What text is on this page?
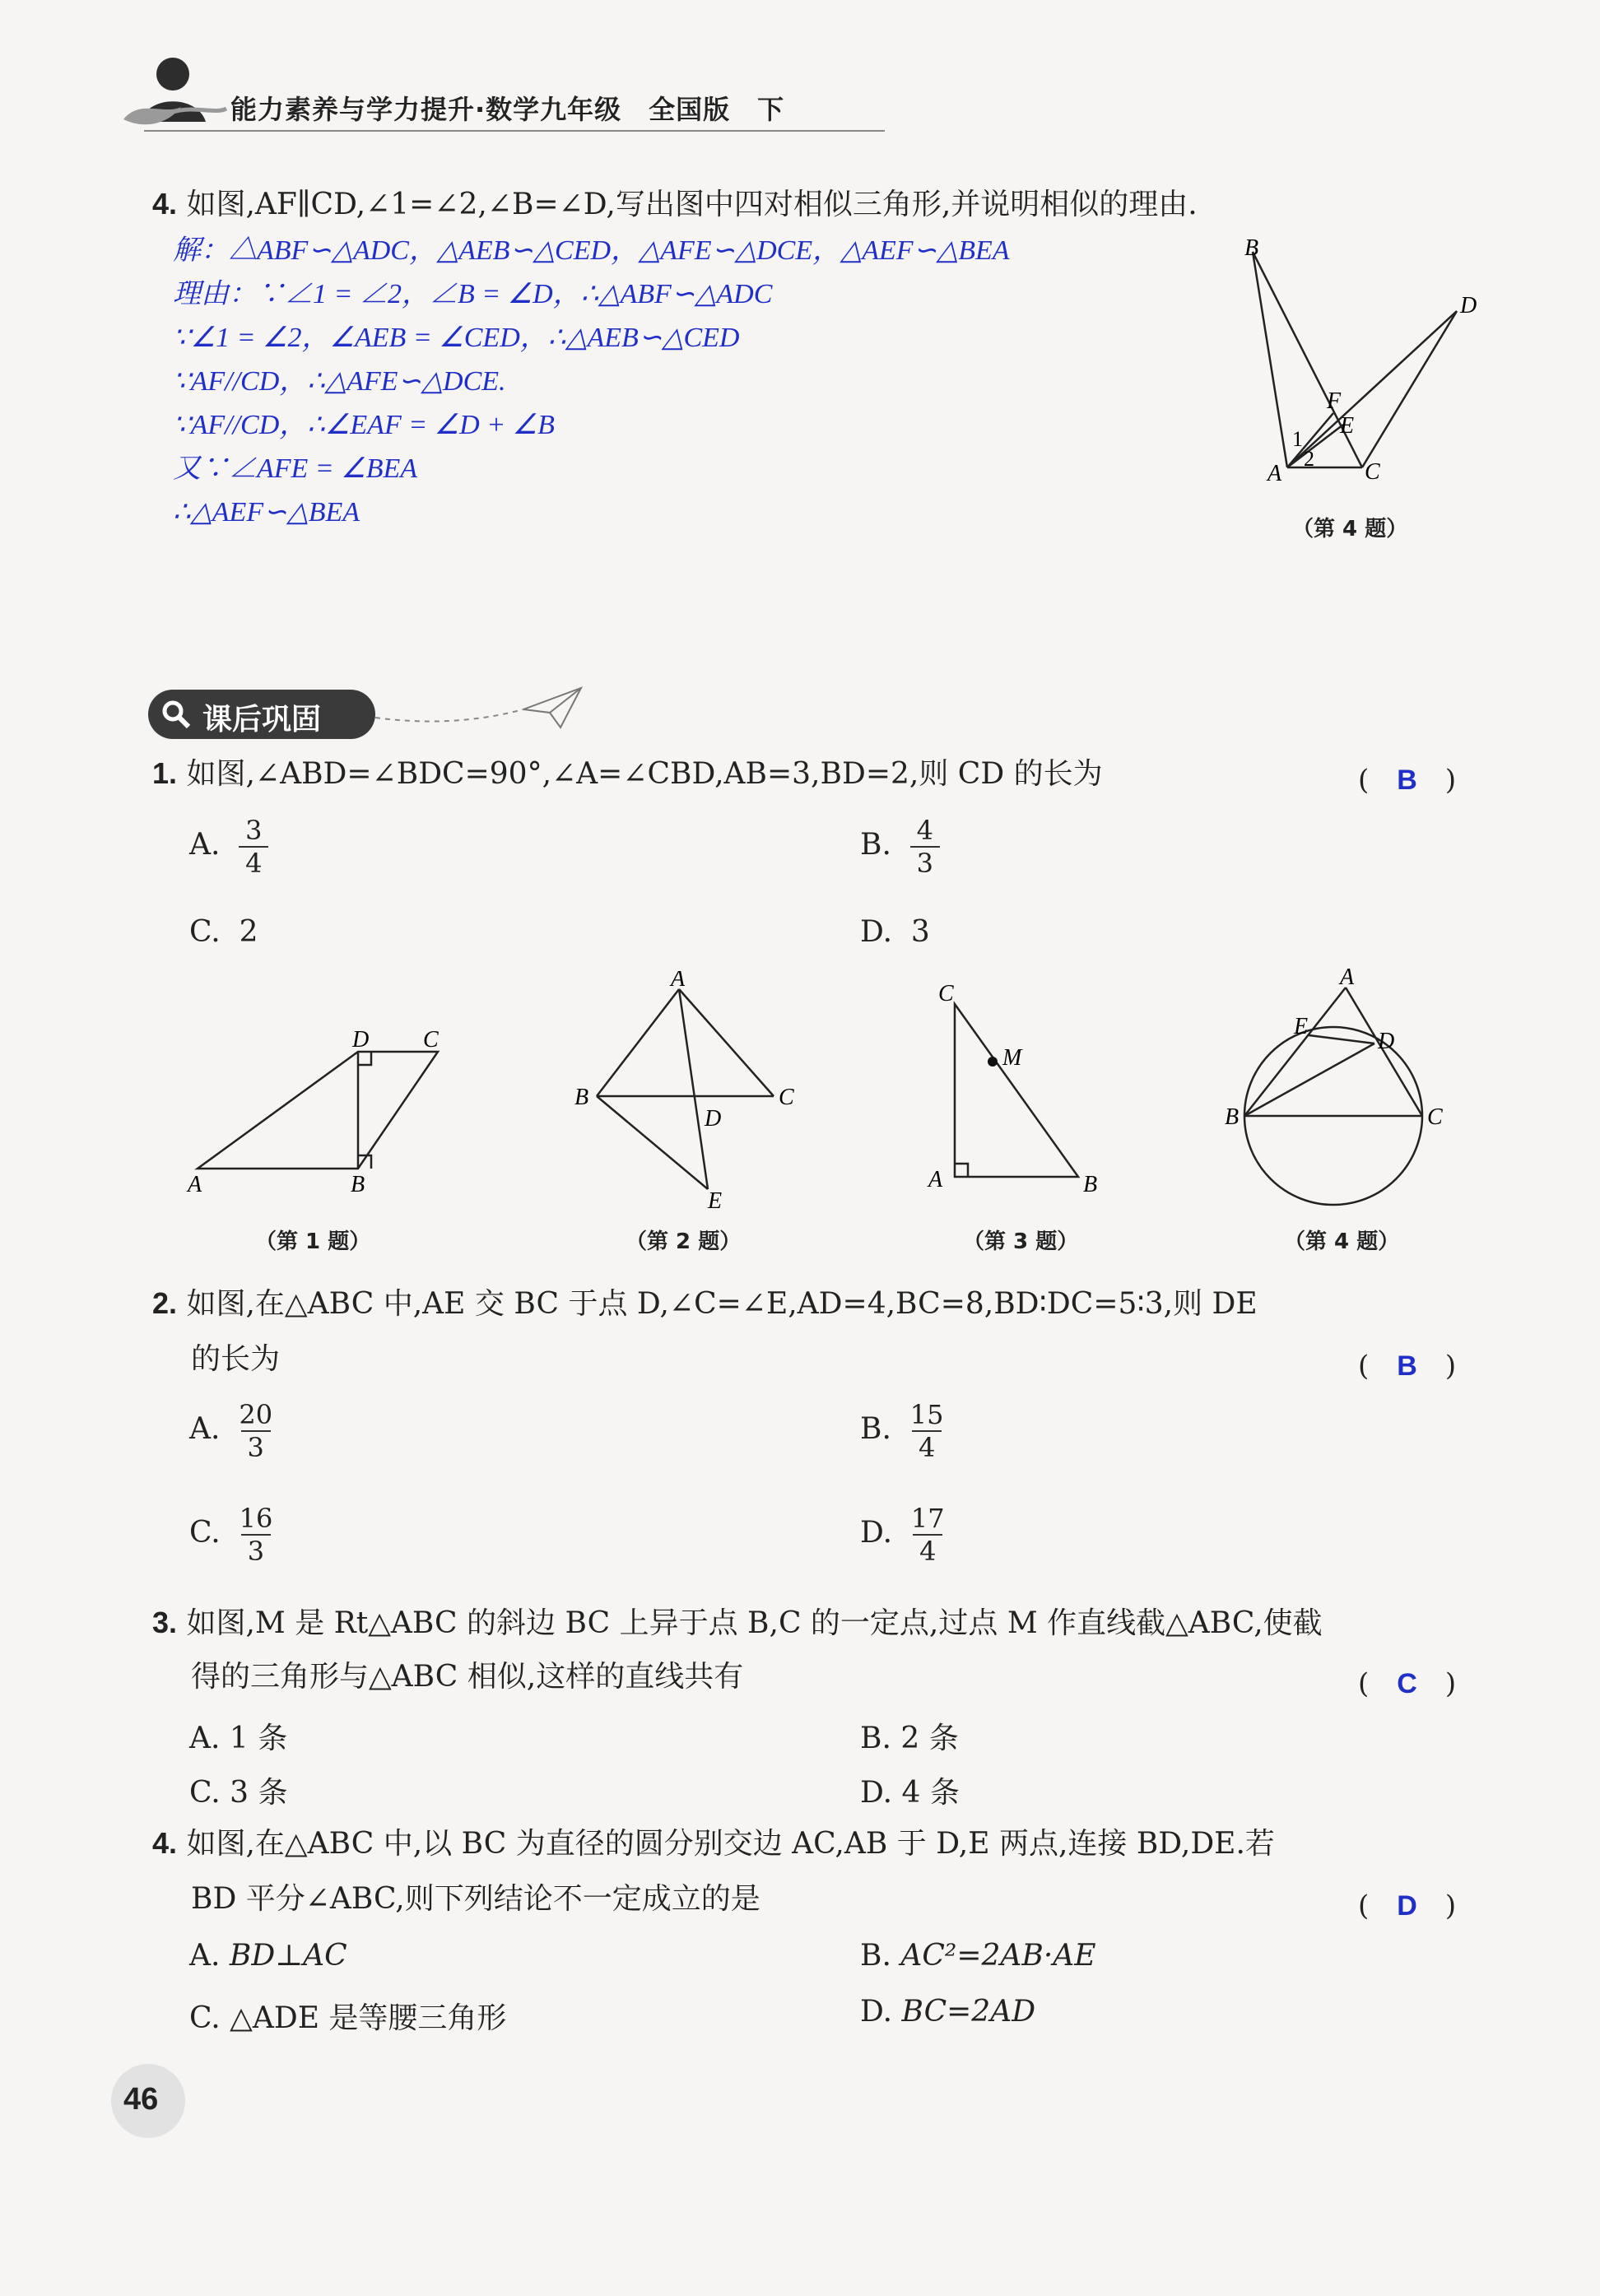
能力素养与学力提升·数学九年级　全国版　下
4. 如图,AF∥CD,∠1=∠2,∠B=∠D,写出图中四对相似三角形,并说明相似的理由.
解：△ABF∽△ADC，△AEB∽△CED，△AFE∽△DCE，△AEF∽△BEA
理由：∵∠1 = ∠2，∠B = ∠D，∴△ABF∽△ADC
∵∠1 = ∠2，∠AEB = ∠CED，∴△AEB∽△CED
∵AF//CD，∴△AFE∽△DCE.
∵AF//CD，∴∠EAF = ∠D + ∠B
又∵∠AFE = ∠BEA
∴△AEF∽△BEA
B
D
F
E
1
2
A	C
（第 4 题）
课后巩固
1. 如图,∠ABD=∠BDC=90°,∠A=∠CBD,AB=3,BD=2,则 CD 的长为	(　B　)
A. $\frac{3}{4}$	B. $\frac{4}{3}$
C.  2	D.  3
D C
A	B
（第 1 题）
A
B	C
D
E
（第 2 题）
C
M
A	B
（第 3 题）
A
E
D
B	C
（第 4 题）
2. 如图,在△ABC 中,AE 交 BC 于点 D,∠C=∠E,AD=4,BC=8,BD∶DC=5∶3,则 DE
的长为	(　B　)
A. $\frac{20}{3}$	B. $\frac{15}{4}$
C. $\frac{16}{3}$	D. $\frac{17}{4}$
3. 如图,M 是 Rt△ABC 的斜边 BC 上异于点 B,C 的一定点,过点 M 作直线截△ABC,使截
得的三角形与△ABC 相似,这样的直线共有	(　C　)
A. 1 条	B. 2 条
C. 3 条	D. 4 条
4. 如图,在△ABC 中,以 BC 为直径的圆分别交边 AC,AB 于 D,E 两点,连接 BD,DE.若
BD 平分∠ABC,则下列结论不一定成立的是	(　D　)
A. BD⊥AC	B. AC²=2AB·AE
C. △ADE 是等腰三角形	D. BC=2AD
46
